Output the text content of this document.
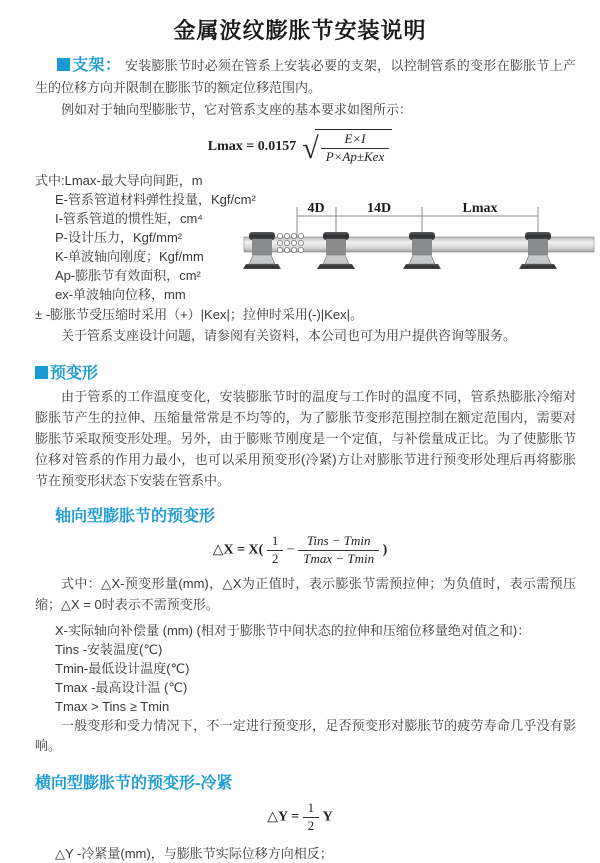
金属波纹膨胀节安装说明
支架： 安装膨胀节时必须在管系上安装必要的支架，以控制管系的变形在膨胀节上产生的位移方向并限制在膨胀节的额定位移范围内。
例如对于轴向型膨胀节，它对管系支座的基本要求如图所示：
Lmax = 0.0157 √ $\frac{E\times I}{\text{P×Ap±Kex}}$
式中:Lmax-最大导向间距，m
E-管系管道材料弹性投量，Kgf/cm²
I-管系管道的惯性矩，cm⁴
P-设计压力，Kgf/mm²
K-单波轴向刚度；Kgf/mm
Ap-膨胀节有效面积，cm²
ex-单波轴向位移，mm
4D	14D	Lmax
± -膨胀节受压缩时采用（+）|Kex|；拉伸时采用(-)|Kex|。
关于管系支座设计问题，请参阅有关资料，本公司也可为用户提供咨询等服务。
预变形
由于管系的工作温度变化，安装膨胀节时的温度与工作时的温度不同，管系热膨胀冷缩对膨胀节产生的拉伸、压缩量常常是不均等的，为了膨胀节变形范围控制在额定范围内，需要对膨胀节采取预变形处理。另外，由于膨账节刚度是一个定值，与补偿量成正比。为了使膨胀节位移对管系的作用力最小，也可以采用预变形(冷紧)方让对膨胀节进行预变形处理后再将膨胀节在预变形状态下安装在管系中。
轴向型膨胀节的预变形
△X = $X( \frac{1}{2} - \frac{\text{Tins − Tmin}}{Tmax - Tmin}$ )
式中：△X-预变形量(mm)，△X为正值时，表示膨张节需预拉伸；为负值时，表示需预压缩；△X = 0时表示不需预变形。
X-实际轴向补偿量 (mm) (相对于膨胀节中间状态的拉伸和压缩位移量绝对值之和)：
Tins -安装温度(℃)
Tmin-最低设计温度(℃)
Tmax -最高设计温 (℃)
Tmax > Tins ≥ Tmin
一般变形和受力情况下，不一定进行预变形，足否预变形对膨胀节的疲劳寿命几乎没有影响。
横向型膨胀节的预变形-冷紧
△Y = $\frac{1}{2}$ Y
△Y -冷紧量(mm)，与膨胀节实际位移方向相反；
